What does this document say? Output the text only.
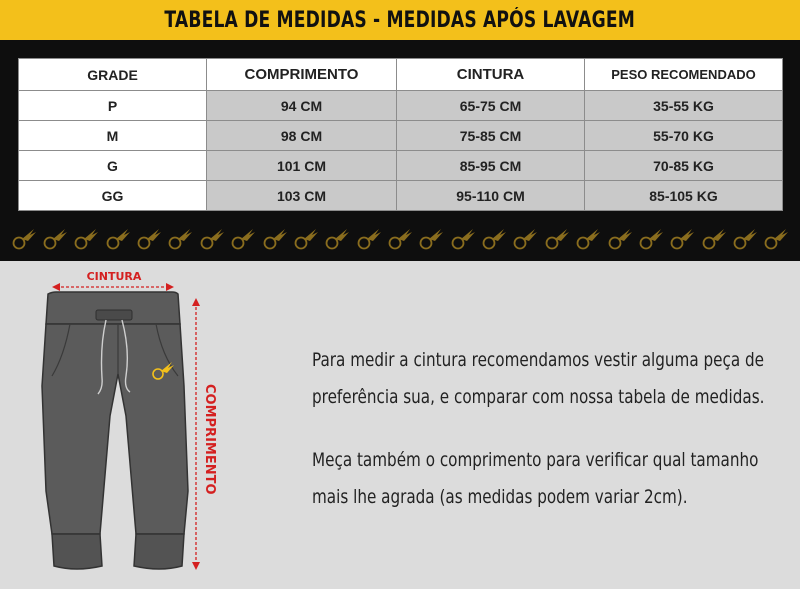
TABELA DE MEDIDAS - MEDIDAS APÓS LAVAGEM
GRADE	COMPRIMENTO	CINTURA	PESO RECOMENDADO
P	94 CM	65-75 CM	35-55 KG
M	98 CM	75-85 CM	55-70 KG
G	101 CM	85-95 CM	70-85 KG
GG	103 CM	95-110 CM	85-105 KG
CINTURA
COMPRIMENTO

Para medir a cintura recomendamos vestir alguma peça de

preferência sua, e comparar com nossa tabela de medidas.

Meça também o comprimento para verificar qual tamanho

mais lhe agrada (as medidas podem variar 2cm).
